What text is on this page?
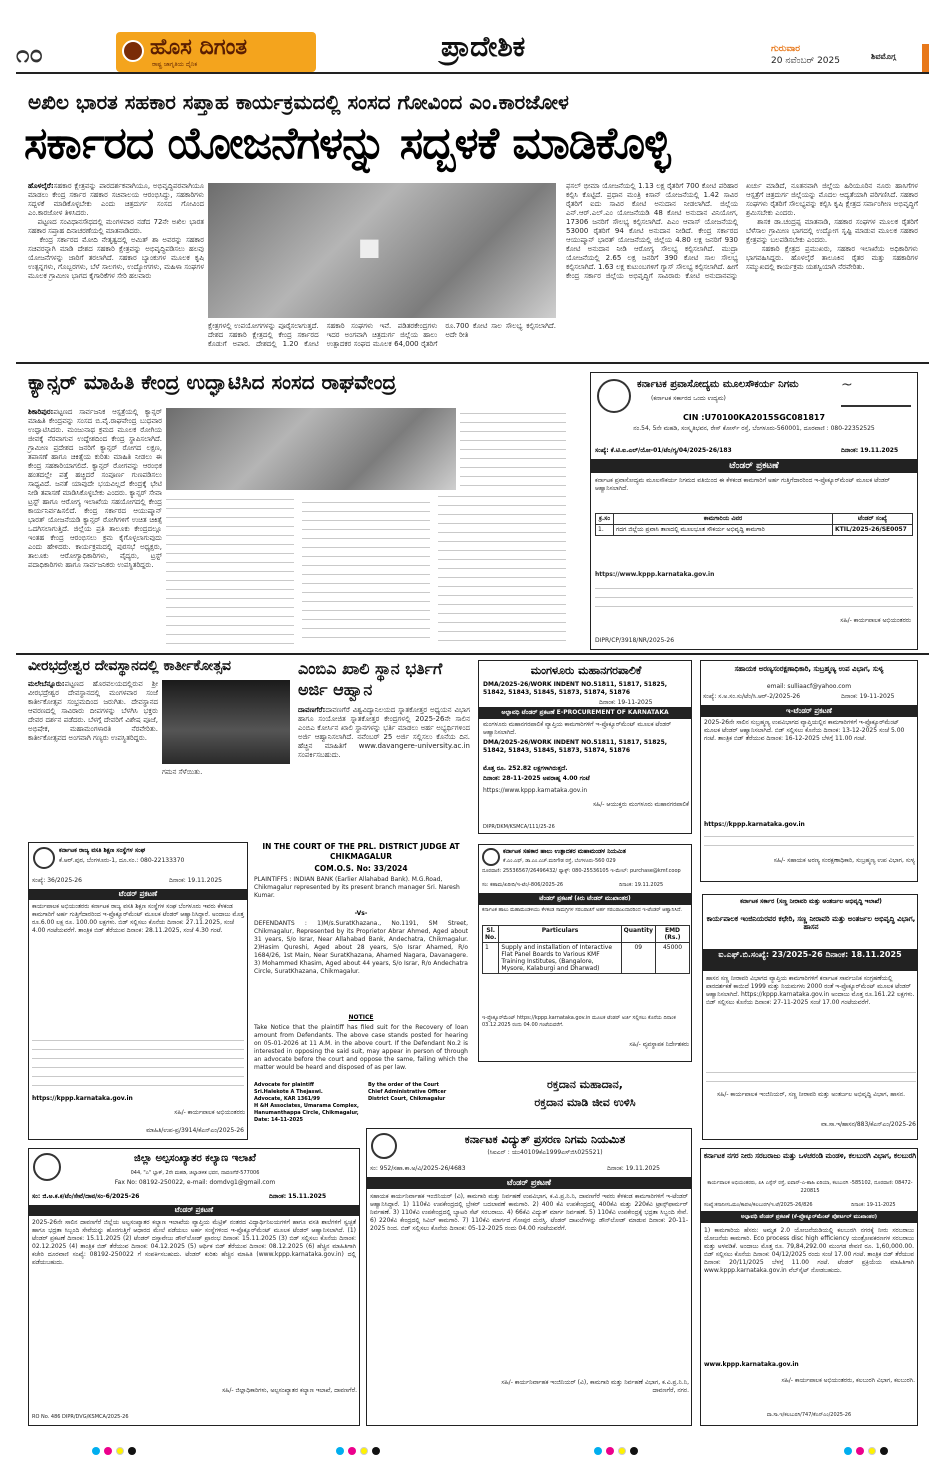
೧೦	ಹೊಸ ದಿಗಂತ
ರಾಷ್ಟ್ರ ಜಾಗೃತಿಯ ದೈನಿಕ
ಪ್ರಾದೇಶಿಕ	ಗುರುವಾರ
20 ನವೆಂಬರ್ 2025	ಶಿವಮೊಗ್ಗ
ಅಖಿಲ ಭಾರತ ಸಹಕಾರ ಸಪ್ತಾಹ ಕಾರ್ಯಕ್ರಮದಲ್ಲಿ ಸಂಸದ ಗೋವಿಂದ ಎಂ.ಕಾರಜೋಳ
ಸರ್ಕಾರದ ಯೋಜನೆಗಳನ್ನು ಸದ್ಬಳಕೆ ಮಾಡಿಕೊಳ್ಳಿ
ಹೊಳಲ್ಕೆರೆ:ಸಹಕಾರ ಕ್ಷೇತ್ರವನ್ನು ಪಾರದರ್ಶಕವಾಗಿಯೂ, ಅಭಿವೃದ್ಧಿಪರವಾಗಿಯೂ ಮಾಡಲು ಕೇಂದ್ರ ಸರ್ಕಾರ ಸಹಕಾರ ಸಚಿವಾಲಯ ಆರಂಭಿಸಿದ್ದು, ಸಹಕಾರಿಗಳು ಸದ್ಬಳಕೆ ಮಾಡಿಕೊಳ್ಳಬೇಕು ಎಂದು ಚಿತ್ರದುರ್ಗ ಸಂಸದ ಗೋವಿಂದ ಎಂ.ಕಾರಜೋಳ ತಿಳಿಸಿದರು.
ಪಟ್ಟಣದ ಸಂವಿಧಾನಸೌಧದಲ್ಲಿ ಮಂಗಳವಾರ ನಡೆದ 72ನೇ ಅಖಿಲ ಭಾರತ ಸಹಕಾರ ಸಪ್ತಾಹ ದಿನಾಚರಣೆಯಲ್ಲಿ ಮಾತನಾಡಿದರು.
ಕೇಂದ್ರ ಸರ್ಕಾರದ ಮೋದಿ ನೇತೃತ್ವದಲ್ಲಿ ಅಮಿತ್ ಶಾ ಅವರನ್ನು ಸಹಕಾರ ಸಚಿವರನ್ನಾಗಿ ಮಾಡಿ ದೇಶದ ಸಹಕಾರಿ ಕ್ಷೇತ್ರವನ್ನು ಅಭಿವೃದ್ಧಿಪಡಿಸಲು ಹಲವು ಯೋಜನೆಗಳನ್ನು ಜಾರಿಗೆ ತರಲಾಗಿದೆ. ಸಹಕಾರ ಬ್ಯಾಂಕುಗಳ ಮೂಲಕ ಕೃಷಿ ಉತ್ಪನ್ನಗಳು, ಗೊಬ್ಬರಗಳು, ಬೆಳೆ ಸಾಲಗಳು, ಉದ್ಯೋಗಗಳು, ಮಹಿಳಾ ಸಂಘಗಳ ಮೂಲಕ ಗ್ರಾಮೀಣ ಭಾಗದ ಕೈಗಾರಿಕೆಗಳ ಸೇರಿ ಹಲವಾರು
■
ಕ್ಷೇತ್ರಗಳಲ್ಲಿ ಉಪಯೋಗಗಳನ್ನು ಪೂರೈಸಲಾಗುತ್ತದೆ. ದೇಶದ ಸಹಕಾರಿ ಕ್ಷೇತ್ರದಲ್ಲಿ ಕೇಂದ್ರ ಸರ್ಕಾರದ ಕೊಡುಗೆ ಅಪಾರ. ದೇಶದಲ್ಲಿ 1.20 ಕೋಟಿ ಸಹಕಾರಿ ಸಂಘಗಳು ಇವೆ. ಪಡಿತರಕೇಂದ್ರಗಳು ಇದರ ಅಂಗವಾಗಿ ಚಿತ್ರದುರ್ಗ ಜಿಲ್ಲೆಯ ಹಾಲು ಉತ್ಪಾದಕರ ಸಂಘದ ಮೂಲಕ 64,000 ರೈತರಿಗೆ ರೂ.700 ಕೋಟಿ ಸಾಲ ಸೌಲಭ್ಯ ಕಲ್ಪಿಸಲಾಗಿದೆ. ಅದೇ ರೀತಿ
ಫಸಲ್ ಭೀಮಾ ಯೋಜನೆಯಲ್ಲಿ 1.13 ಲಕ್ಷ ರೈತರಿಗೆ 700 ಕೋಟಿ ಪರಿಹಾರ ಕಲ್ಪಿಸಿ ಕೊಟ್ಟಿದೆ. ಪ್ರಧಾನ ಮಂತ್ರಿ ಕಿಸಾನ್ ಯೋಜನೆಯಲ್ಲಿ 1.42 ಸಾವಿರ ರೈತರಿಗೆ ಐದು ಸಾವಿರ ಕೋಟಿ ಅನುದಾನ ನೀಡಲಾಗಿದೆ. ಜಿಲ್ಲೆಯ ಎನ್.ಆರ್.ಎಲ್.ಎಂ ಯೋಜನೆಯಡಿ 48 ಕೋಟಿ ಅನುದಾನ ವಿನಿಯೋಗ, 17306 ಜನರಿಗೆ ಸೌಲಭ್ಯ ಕಲ್ಪಿಸಲಾಗಿದೆ. ಪಿಎಂ ಆವಾಸ್ ಯೋಜನೆಯಲ್ಲಿ 53000 ರೈತರಿಗೆ 94 ಕೋಟಿ ಅನುದಾನ ನೀಡಿದೆ. ಕೇಂದ್ರ ಸರ್ಕಾರದ ಆಯುಷ್ಮಾನ್ ಭಾರತ್ ಯೋಜನೆಯಲ್ಲಿ ಜಿಲ್ಲೆಯ 4.80 ಲಕ್ಷ ಜನರಿಗೆ 930 ಕೋಟಿ ಅನುದಾನ ನೀಡಿ ಆರೋಗ್ಯ ಸೌಲಭ್ಯ ಕಲ್ಪಿಸಲಾಗಿದೆ. ಮುದ್ರಾ ಯೋಜನೆಯಲ್ಲಿ 2.65 ಲಕ್ಷ ಜನರಿಗೆ 390 ಕೋಟಿ ಸಾಲ ಸೌಲಭ್ಯ ಕಲ್ಪಿಸಲಾಗಿದೆ. 1.63 ಲಕ್ಷ ಕುಟುಂಬಗಳಿಗೆ ಗ್ಯಾಸ್ ಸೌಲಭ್ಯ ಕಲ್ಪಿಸಲಾಗಿದೆ. ಹೀಗೆ ಕೇಂದ್ರ ಸರ್ಕಾರ ಜಿಲ್ಲೆಯ ಅಭಿವೃದ್ಧಿಗೆ ಸಾವಿರಾರು ಕೋಟಿ ಅನುದಾನವನ್ನು ಖರ್ಚು ಮಾಡಿದೆ, ನೂತನವಾಗಿ ಜಿಲ್ಲೆಯ ಹಿರಿಯೂರಿನ ನೂರು ಹಾಸಿಗೆಗಳ ಆಸ್ಪತ್ರೆಗೆ ಚಿತ್ರದುರ್ಗ ಜಿಲ್ಲೆಯನ್ನು ಮೊದಲ ಆದ್ಯತೆಯಾಗಿ ಪರಿಗಣಿಸಿದೆ. ಸಹಕಾರ ಸಂಘಗಳು ರೈತರಿಗೆ ಸೌಲಭ್ಯವನ್ನು ಕಲ್ಪಿಸಿ ಕೃಷಿ ಕ್ಷೇತ್ರದ ಸರ್ವಾಂಗೀಣ ಅಭಿವೃದ್ಧಿಗೆ ಶ್ರಮಿಸಬೇಕು ಎಂದರು.
ಶಾಸಕ ಡಾ.ಚಂದ್ರಪ್ಪ ಮಾತನಾಡಿ, ಸಹಕಾರ ಸಂಘಗಳ ಮೂಲಕ ರೈತರಿಗೆ ಬೆಳೆಸಾಲ ಗ್ರಾಮೀಣ ಭಾಗದಲ್ಲಿ ಉದ್ಯೋಗ ಸೃಷ್ಟಿ ಮಾಡುವ ಮೂಲಕ ಸಹಕಾರ ಕ್ಷೇತ್ರವನ್ನು ಬಲಪಡಿಸಬೇಕು ಎಂದರು.
ಸಹಕಾರಿ ಕ್ಷೇತ್ರದ ಪ್ರಮುಖರು, ಸಹಕಾರ ಇಲಾಖೆಯ ಅಧಿಕಾರಿಗಳು ಭಾಗವಹಿಸಿದ್ದರು. ಹೊಳಲ್ಕೆರೆ ತಾಲೂಕಿನ ರೈತರ ಮತ್ತು ಸಹಕಾರಿಗಳ ಸಮ್ಮುಖದಲ್ಲಿ ಕಾರ್ಯಕ್ರಮ ಯಶಸ್ವಿಯಾಗಿ ನೆರವೇರಿತು.
ಕ್ಯಾನ್ಸರ್ ಮಾಹಿತಿ ಕೇಂದ್ರ ಉದ್ಘಾಟಿಸಿದ ಸಂಸದ ರಾಘವೇಂದ್ರ
ಶಿಕಾರಿಪುರ:ಪಟ್ಟಣದ ಸಾರ್ವಜನಿಕ ಆಸ್ಪತ್ರೆಯಲ್ಲಿ ಕ್ಯಾನ್ಸರ್ ಮಾಹಿತಿ ಕೇಂದ್ರವನ್ನು ಸಂಸದ ಬಿ.ವೈ.ರಾಘವೇಂದ್ರ ಬುಧವಾರ ಉದ್ಘಾಟಿಸಿದರು. ಮಂಜುನಾಥ ಕ್ರಮದ ಮೂಲಕ ರೋಗಿಯ ಜೀವಕ್ಕೆ ನೆರವಾಗುವ ಉದ್ದೇಶದಿಂದ ಕೇಂದ್ರ ಸ್ಥಾಪಿಸಲಾಗಿದೆ. ಗ್ರಾಮೀಣ ಪ್ರದೇಶದ ಜನರಿಗೆ ಕ್ಯಾನ್ಸರ್ ರೋಗದ ಲಕ್ಷಣ, ತಪಾಸಣೆ ಹಾಗೂ ಚಿಕಿತ್ಸೆಯ ಕುರಿತು ಮಾಹಿತಿ ನೀಡಲು ಈ ಕೇಂದ್ರ ಸಹಕಾರಿಯಾಗಲಿದೆ. ಕ್ಯಾನ್ಸರ್ ರೋಗವನ್ನು ಆರಂಭಿಕ ಹಂತದಲ್ಲೇ ಪತ್ತೆ ಹಚ್ಚಿದರೆ ಸಂಪೂರ್ಣ ಗುಣಪಡಿಸಲು ಸಾಧ್ಯವಿದೆ. ಜನತೆ ಯಾವುದೇ ಭಯವಿಲ್ಲದೆ ಕೇಂದ್ರಕ್ಕೆ ಭೇಟಿ ನೀಡಿ ತಪಾಸಣೆ ಮಾಡಿಸಿಕೊಳ್ಳಬೇಕು ಎಂದರು. ಕ್ಯಾನ್ಸರ್ ಸೇವಾ ಟ್ರಸ್ಟ್ ಹಾಗೂ ಆರೋಗ್ಯ ಇಲಾಖೆಯ ಸಹಯೋಗದಲ್ಲಿ ಕೇಂದ್ರ ಕಾರ್ಯನಿರ್ವಹಿಸಲಿದೆ. ಕೇಂದ್ರ ಸರ್ಕಾರದ ಆಯುಷ್ಮಾನ್ ಭಾರತ್ ಯೋಜನೆಯಡಿ ಕ್ಯಾನ್ಸರ್ ರೋಗಿಗಳಿಗೆ ಉಚಿತ ಚಿಕಿತ್ಸೆ ಒದಗಿಸಲಾಗುತ್ತಿದೆ. ಜಿಲ್ಲೆಯ ಪ್ರತಿ ತಾಲೂಕು ಕೇಂದ್ರದಲ್ಲೂ ಇಂತಹ ಕೇಂದ್ರ ಆರಂಭಿಸಲು ಕ್ರಮ ಕೈಗೊಳ್ಳಲಾಗುವುದು ಎಂದು ಹೇಳಿದರು. ಕಾರ್ಯಕ್ರಮದಲ್ಲಿ ಪುರಸಭೆ ಅಧ್ಯಕ್ಷರು, ತಾಲೂಕು ಆರೋಗ್ಯಾಧಿಕಾರಿಗಳು, ವೈದ್ಯರು, ಟ್ರಸ್ಟ್ ಪದಾಧಿಕಾರಿಗಳು ಹಾಗೂ ಸಾರ್ವಜನಿಕರು ಉಪಸ್ಥಿತರಿದ್ದರು.
ಕರ್ನಾಟಕ ಪ್ರವಾಸೋದ್ಯಮ ಮೂಲಸೌಕರ್ಯ ನಿಗಮ
(ಕರ್ನಾಟಕ ಸರ್ಕಾರದ ಒಂದು ಉದ್ಯಮ)
~
CIN :U70100KA2015SGC081817
ನಂ.54, 5ನೇ ಮಹಡಿ, ಸಂಸ್ಕೃತಿಭವನ, ರೇಸ್ ಕೋರ್ಸ್ ರಸ್ತೆ, ಬೆಂಗಳೂರು-560001, ದೂರವಾಣಿ : 080-22352525
ಸಂಖ್ಯೆ: ಕೆ.ಟಿ.ಐ.ಎಲ್/ಯೋ-01/ಟೆಂ/ಗ್ಯ/04/2025-26/183	ದಿನಾಂಕ: 19.11.2025
ಟೆಂಡರ್ ಪ್ರಕಟಣೆ
ಕರ್ನಾಟಕ ಪ್ರವಾಸೋದ್ಯಮ ಮೂಲಸೌಕರ್ಯ ನಿಗಮದ ವತಿಯಿಂದ ಈ ಕೆಳಕಂಡ ಕಾಮಗಾರಿಗೆ ಅರ್ಹ ಗುತ್ತಿಗೆದಾರರಿಂದ ಇ-ಪ್ರೊಕ್ಯೂರ್‌ಮೆಂಟ್ ಮೂಲಕ ಟೆಂಡರ್ ಆಹ್ವಾನಿಸಲಾಗಿದೆ.
ಕ್ರ.ಸಂ	ಕಾಮಗಾರಿಯ ವಿವರ	ಟೆಂಡರ್ ಸಂಖ್ಯೆ
1.	ಗದಗ ಜಿಲ್ಲೆಯ ಪ್ರವಾಸಿ ತಾಣದಲ್ಲಿ ಮೂಲಭೂತ ಸೌಕರ್ಯ ಅಭಿವೃದ್ಧಿ ಕಾಮಗಾರಿ	KTIL/2025-26/SE0057
https://www.kppp.karnataka.gov.in
ಸಹಿ/- ಕಾರ್ಯಪಾಲಕ ಅಭಿಯಂತರರು
DIPR/CP/3918/NR/2025-26
ವೀರಭದ್ರೇಶ್ವರ ದೇವಸ್ಥಾನದಲ್ಲಿ ಕಾರ್ತೀಕೋತ್ಸವ
ಮಲೇಬೆನ್ನೂರು:ಪಟ್ಟಣದ ಹೊರವಲಯದಲ್ಲಿರುವ ಶ್ರೀ ವೀರಭದ್ರೇಶ್ವರ ದೇವಸ್ಥಾನದಲ್ಲಿ ಮಂಗಳವಾರ ಸಂಜೆ ಕಾರ್ತೀಕೋತ್ಸವ ಸಂಭ್ರಮದಿಂದ ಜರುಗಿತು. ದೇವಸ್ಥಾನದ ಆವರಣದಲ್ಲಿ ಸಾವಿರಾರು ದೀಪಗಳನ್ನು ಬೆಳಗಿಸಿ ಭಕ್ತರು ದೇವರ ದರ್ಶನ ಪಡೆದರು. ಬೆಳಗ್ಗೆ ದೇವರಿಗೆ ವಿಶೇಷ ಪೂಜೆ, ಅಭಿಷೇಕ, ಮಹಾಮಂಗಳಾರತಿ ನೆರವೇರಿತು. ಕಾರ್ತೀಕೋತ್ಸವದ ಅಂಗವಾಗಿ ಗಣ್ಯರು ಉಪಸ್ಥಿತರಿದ್ದರು.
ಗಮನ ಸೆಳೆಯಿತು.
ಎಂಬಿಎ ಖಾಲಿ ಸ್ಥಾನ ಭರ್ತಿಗೆ ಅರ್ಜಿ ಆಹ್ವಾನ
ದಾವಣಗೆರೆ:ದಾವಣಗೆರೆ ವಿಶ್ವವಿದ್ಯಾನಿಲಯದ ಸ್ನಾತಕೋತ್ತರ ಅಧ್ಯಯನ ವಿಭಾಗ ಹಾಗೂ ಸಂಯೋಜಿತ ಸ್ನಾತಕೋತ್ತರ ಕೇಂದ್ರಗಳಲ್ಲಿ 2025-26ನೇ ಸಾಲಿನ ಎಂಬಿಎ ಕೋರ್ಸಿನ ಖಾಲಿ ಸ್ಥಾನಗಳನ್ನು ಭರ್ತಿ ಮಾಡಲು ಅರ್ಹ ಅಭ್ಯರ್ಥಿಗಳಿಂದ ಅರ್ಜಿ ಆಹ್ವಾನಿಸಲಾಗಿದೆ. ನವೆಂಬರ್ 25 ಅರ್ಜಿ ಸಲ್ಲಿಸಲು ಕೊನೆಯ ದಿನ. ಹೆಚ್ಚಿನ ಮಾಹಿತಿಗೆ www.davangere-university.ac.in ಸಂಪರ್ಕಿಸಬಹುದು.
ಮಂಗಳೂರು ಮಹಾನಗರಪಾಲಿಕೆ
DMA/2025-26/WORK INDENT NO.51811, 51817, 51825, 51842, 51843, 51845, 51873, 51874, 51876
ದಿನಾಂಕ: 19-11-2025
ಅಲ್ಪಾವಧಿ ಟೆಂಡರ್ ಪ್ರಕಟಣೆ E-PROCUREMENT OF KARNATAKA
ಮಂಗಳೂರು ಮಹಾನಗರಪಾಲಿಕೆ ವ್ಯಾಪ್ತಿಯ ಕಾಮಗಾರಿಗಳಿಗೆ ಇ-ಪ್ರೊಕ್ಯೂರ್‌ಮೆಂಟ್ ಮೂಲಕ ಟೆಂಡರ್ ಆಹ್ವಾನಿಸಲಾಗಿದೆ.
DMA/2025-26/WORK INDENT NO.51811, 51817, 51825, 51842, 51843, 51845, 51873, 51874, 51876
ಮೊತ್ತ ರೂ. 252.82 ಲಕ್ಷಗಳಾಗಿರುತ್ತದೆ.
ದಿನಾಂಕ: 28-11-2025 ಅಪರಾಹ್ನ 4.00 ಗಂಟೆ
https://www.kppp.karnataka.gov.in
ಸಹಿ/- ಆಯುಕ್ತರು ಮಂಗಳೂರು ಮಹಾನಗರಪಾಲಿಕೆ
DIPR/DKM/KSMCA/111/25-26
ಸಹಾಯಕ ಅರಣ್ಯಸಂರಕ್ಷಣಾಧಿಕಾರಿ, ಸುಬ್ರಹ್ಮಣ್ಯ ಉಪ ವಿಭಾಗ, ಸುಳ್ಯ
email: sulliaacf@yahoo.com
ಸಂಖ್ಯೆ: ಸ.ಅ.ಸಂ.ಸು/ಟೆಂ/ಸಿ.ಆರ್-2/2025-26	ದಿನಾಂಕ: 19-11-2025
ಇ-ಟೆಂಡರ್ ಪ್ರಕಟಣೆ
2025-26ನೇ ಸಾಲಿನ ಸುಬ್ರಹ್ಮಣ್ಯ ಉಪವಿಭಾಗದ ವ್ಯಾಪ್ತಿಯಲ್ಲಿನ ಕಾಮಗಾರಿಗಳಿಗೆ ಇ-ಪ್ರೊಕ್ಯೂರ್‌ಮೆಂಟ್ ಮೂಲಕ ಟೆಂಡರ್ ಆಹ್ವಾನಿಸಲಾಗಿದೆ. ಬಿಡ್ ಸಲ್ಲಿಸಲು ಕೊನೆಯ ದಿನಾಂಕ: 13-12-2025 ಸಂಜೆ 5.00 ಗಂಟೆ. ತಾಂತ್ರಿಕ ಬಿಡ್ ತೆರೆಯುವ ದಿನಾಂಕ: 16-12-2025 ಬೆಳಗ್ಗೆ 11.00 ಗಂಟೆ.
https://kppp.karnataka.gov.in
ಸಹಿ/- ಸಹಾಯಕ ಅರಣ್ಯ ಸಂರಕ್ಷಣಾಧಿಕಾರಿ, ಸುಬ್ರಹ್ಮಣ್ಯ ಉಪ ವಿಭಾಗ, ಸುಳ್ಯ
ಕರ್ನಾಟಕ ರಾಜ್ಯ ವಸತಿ ಶಿಕ್ಷಣ ಸಂಸ್ಥೆಗಳ ಸಂಘ
ಕೆ.ಆರ್.ಪುರ, ಬೆಂಗಳೂರು-1, ದೂ.ಸಂ.: 080-22133370
ಸಂಖ್ಯೆ: 36/2025-26	ದಿನಾಂಕ: 19.11.2025
ಟೆಂಡರ್ ಪ್ರಕಟಣೆ
ಕಾರ್ಯಪಾಲಕ ಅಭಿಯಂತರರು ಕರ್ನಾಟಕ ರಾಜ್ಯ ವಸತಿ ಶಿಕ್ಷಣ ಸಂಸ್ಥೆಗಳ ಸಂಘ ಬೆಂಗಳೂರು ಇವರು ಕೆಳಕಂಡ ಕಾಮಗಾರಿಗೆ ಅರ್ಹ ಗುತ್ತಿಗೆದಾರರಿಂದ ಇ-ಪ್ರೊಕ್ಯೂರ್‌ಮೆಂಟ್ ಮೂಲಕ ಟೆಂಡರ್ ಆಹ್ವಾನಿಸಿದ್ದಾರೆ. ಅಂದಾಜು ಮೊತ್ತ ರೂ.6.00 ಲಕ್ಷ ರೂ. 100.00 ಲಕ್ಷಗಳು. ಬಿಡ್ ಸಲ್ಲಿಸಲು ಕೊನೆಯ ದಿನಾಂಕ: 27.11.2025, ಸಂಜೆ 4.00 ಗಂಟೆಯವರೆಗೆ. ತಾಂತ್ರಿಕ ಬಿಡ್ ತೆರೆಯುವ ದಿನಾಂಕ: 28.11.2025, ಸಂಜೆ 4.30 ಗಂಟೆ.
https://kppp.karnataka.gov.in
ಸಹಿ/- ಕಾರ್ಯಪಾಲಕ ಅಭಿಯಂತರರು
ಮಾಹಿತಿ/ಉಪ-ಪ್ರ/3914/ಕೆಎನ್‌ಎಂ/2025-26
IN THE COURT OF THE PRL. DISTRICT JUDGE AT CHIKMAGALUR
COM.O.S. No: 33/2024
PLAINTIFFS : INDIAN BANK (Earlier Allahabad Bank). M.G.Road, Chikmagalur represented by its present branch manager Sri. Naresh Kumar.
-Vs-
DEFENDANTS : 1)M/s.SuratKhazana., No.1191, SM Street, Chikmagalur, Represented by its Proprietor Abrar Ahmed, Aged about 31 years, S/o Israr, Near Allahabad Bank, Andechatra, Chikmagalur. 2)Hasim Qureshi, Aged about 28 years, S/o Israr Ahamed, R/o 1684/26, 1st Main, Near SuratKhazana, Ahamed Nagara, Davanagere. 3) Mohammed Khasim, Aged about 44 years, S/o Israr, R/o Andechatra Circle, SuratKhazana, Chikmagalur.
NOTICE
Take Notice that the plaintiff has filed suit for the Recovery of loan amount from Defendants. The above case stands posted for hearing on 05-01-2026 at 11 A.M. in the above court. If the Defendant No.2 is interested in opposing the said suit, may appear in person of through an advocate before the court and oppose the same, failing which the matter would be heard and disposed of as per law.
Advocate for plaintiff
Sri.Halekote A Thejaswi.
Advocate, KAR 1361/99
H &H Associates, Umarama Complex, Hanumanthappa Circle, Chikmagalur, Date: 14-11-2025
By the order of the Court
Chief Administrative Officer
District Court, Chikmagalur
ಕರ್ನಾಟಕ ಸಹಕಾರ ಹಾಲು ಉತ್ಪಾದಕರ ಮಹಾಮಂಡಳ ನಿಯಮಿತ
ಕೆ.ಎಂ.ಎಫ್, ಡಾ.ಎಂ.ಎಚ್.ಮರಿಗೌಡ ರಸ್ತೆ, ಬೆಂಗಳೂರು-560 029
ದೂರವಾಣಿ: 25536567/26496432/ ಫ್ಯಾಕ್ಸ್: 080-25536105 ಇ-ಮೇಲ್: purchase@kmf.coop
ಸಂ: ಕಹಾಮ/ಖರೀದಿ/ಇ-ಟೆಂ/-806/2025-26	ದಿನಾಂಕ: 19.11.2025
ಟೆಂಡರ್ ಪ್ರಕಟಣೆ (ಕಿರು ಟೆಂಡರ್ ಮುಖಾಂತರ)
ಕರ್ನಾಟಕ ಹಾಲು ಮಹಾಮಂಡಳಿಯು ಕೆಳಕಂಡ ಸಾಮಗ್ರಿಗಳ ಸರಬರಾಜಿಗೆ ಅರ್ಹ ಸರಬರಾಜುದಾರರಿಂದ ಇ-ಟೆಂಡರ್ ಆಹ್ವಾನಿಸಿದೆ.
Sl. No.	Particulars	Quantity	EMD (Rs.)
1	Supply and installation of Interactive Flat Panel Boards to Various KMF Training Institutes, (Bangalore, Mysore, Kalaburgi and Dharwad)	09	45000
ಇ-ಪ್ರೊಕ್ಯೂರ್‌ಮೆಂಟ್ https://kppp.karnataka.gov.in ಮೂಲಕ ಟೆಂಡರ್ ಅರ್ಜಿ ಸಲ್ಲಿಸಲು ಕೊನೆಯ ದಿನಾಂಕ 03.12.2025 ರಂದು 04.00 ಗಂಟೆಯವರೆಗೆ.
ಸಹಿ/- ವ್ಯವಸ್ಥಾಪಕ ನಿರ್ದೇಶಕರು
ರಕ್ತದಾನ ಮಹಾದಾನ,
ರಕ್ತದಾನ ಮಾಡಿ ಜೀವ ಉಳಿಸಿ
ಕರ್ನಾಟಕ ಸರ್ಕಾರ (ಸಣ್ಣ ನೀರಾವರಿ ಮತ್ತು ಅಂತರ್ಜಲ ಅಭಿವೃದ್ಧಿ ಇಲಾಖೆ)
ಕಾರ್ಯಪಾಲಕ ಇಂಜಿನಿಯರವರ ಕಛೇರಿ, ಸಣ್ಣ ನೀರಾವರಿ ಮತ್ತು ಅಂತರ್ಜಲ ಅಭಿವೃದ್ಧಿ ವಿಭಾಗ, ಹಾಸನ
ಐ.ಎಫ್.ಬಿ.ಸಂಖ್ಯೆ: 23/2025-26 ದಿನಾಂಕ: 18.11.2025
ಹಾಸನ ಸಣ್ಣ ನೀರಾವರಿ ವಿಭಾಗದ ವ್ಯಾಪ್ತಿಯ ಕಾಮಗಾರಿಗಳಿಗೆ ಕರ್ನಾಟಕ ಸಾರ್ವಜನಿಕ ಸಂಗ್ರಹಣೆಯಲ್ಲಿ ಪಾರದರ್ಶಕತೆ ಕಾಯಿದೆ 1999 ಮತ್ತು ನಿಯಮಗಳು 2000 ರಂತೆ ಇ-ಪ್ರೊಕ್ಯೂರ್‌ಮೆಂಟ್ ಮೂಲಕ ಟೆಂಡರ್ ಆಹ್ವಾನಿಸಲಾಗಿದೆ. https://kppp.karnataka.gov.in ಅಂದಾಜು ಮೊತ್ತ ರೂ.161.22 ಲಕ್ಷಗಳು. ಬಿಡ್ ಸಲ್ಲಿಸಲು ಕೊನೆಯ ದಿನಾಂಕ: 27-11-2025 ಸಂಜೆ 17.00 ಗಂಟೆಯವರೆಗೆ.
ಸಹಿ/- ಕಾರ್ಯಪಾಲಕ ಇಂಜಿನಿಯರ್, ಸಣ್ಣ ನೀರಾವರಿ ಮತ್ತು ಅಂತರ್ಜಲ ಅಭಿವೃದ್ಧಿ ವಿಭಾಗ, ಹಾಸನ.
ವಾ.ಸಾ.ಇ/ಹಾಸನ/883/ಕೆಎನ್‌ಎಂ/2025-26
ಜಿಲ್ಲಾ ಅಲ್ಪಸಂಖ್ಯಾತರ ಕಲ್ಯಾಣ ಇಲಾಖೆ
044, "ಎ" ಬ್ಲಾಕ್, 2ನೇ ಮಹಡಿ, ಜಿಲ್ಲಾಡಳಿತ ಭವನ, ದಾವಣಗೆರೆ-577006
Fax No: 08192-250022, e-mail: domdvg1@gmail.com
ಸಂ: ಜಿ.ಅ.ಕ.ಕ/ಟೆಂ/ಸೇವೆ/ದಾವ/ಸಂ-6/2025-26	ದಿನಾಂಕ: 15.11.2025
ಟೆಂಡರ್ ಪ್ರಕಟಣೆ
2025-26ನೇ ಸಾಲಿನ ದಾವಣಗೆರೆ ಜಿಲ್ಲೆಯ ಅಲ್ಪಸಂಖ್ಯಾತರ ಕಲ್ಯಾಣ ಇಲಾಖೆಯ ವ್ಯಾಪ್ತಿಯ ಮೆಟ್ರಿಕ್ ನಂತರದ ವಿದ್ಯಾರ್ಥಿನಿಲಯಗಳಿಗೆ ಹಾಗೂ ವಸತಿ ಶಾಲೆಗಳಿಗೆ ಸ್ವಚ್ಛತೆ ಹಾಗೂ ಭದ್ರತಾ ಸಿಬ್ಬಂದಿ ಸೇವೆಯನ್ನು ಹೊರಗುತ್ತಿಗೆ ಆಧಾರದ ಮೇಲೆ ಪಡೆಯಲು ಅರ್ಹ ಸಂಸ್ಥೆಗಳಿಂದ ಇ-ಪ್ರೊಕ್ಯೂರ್‌ಮೆಂಟ್ ಮೂಲಕ ಟೆಂಡರ್ ಆಹ್ವಾನಿಸಲಾಗಿದೆ. (1) ಟೆಂಡರ್ ಪ್ರಕಟಣೆ ದಿನಾಂಕ: 15.11.2025 (2) ಟೆಂಡರ್ ದಸ್ತಾವೇಜು ಡೌನ್‌ಲೋಡ್ ಪ್ರಾರಂಭ ದಿನಾಂಕ: 15.11.2025 (3) ಬಿಡ್ ಸಲ್ಲಿಸಲು ಕೊನೆಯ ದಿನಾಂಕ: 02.12.2025 (4) ತಾಂತ್ರಿಕ ಬಿಡ್ ತೆರೆಯುವ ದಿನಾಂಕ: 04.12.2025 (5) ಆರ್ಥಿಕ ಬಿಡ್ ತೆರೆಯುವ ದಿನಾಂಕ: 08.12.2025 (6) ಹೆಚ್ಚಿನ ಮಾಹಿತಿಗಾಗಿ ಕಚೇರಿ ದೂರವಾಣಿ ಸಂಖ್ಯೆ: 08192-250022 ಗೆ ಸಂಪರ್ಕಿಸಬಹುದು. ಟೆಂಡರ್ ಕುರಿತು ಹೆಚ್ಚಿನ ಮಾಹಿತಿ (www.kppp.karnataka.gov.in) ದಲ್ಲಿ ಪಡೆಯಬಹುದು.
ಸಹಿ/- ಜಿಲ್ಲಾಧಿಕಾರಿಗಳು, ಅಲ್ಪಸಂಖ್ಯಾತರ ಕಲ್ಯಾಣ ಇಲಾಖೆ, ದಾವಣಗೆರೆ.
RO No. 486 DIPR/DVG/KSMCA/2025-26
ಕರ್ನಾಟಕ ವಿದ್ಯುತ್ ಪ್ರಸರಣ ನಿಗಮ ನಿಯಮಿತ
(ಸಿಐಎನ್ : ಯು40109ಕೆಎ1999ಎಸ್‌ಜಿಸಿ025521)
ಸಂ: 952/ಸಹಾ.ಕಾ.ಅ/ವಿ/2025-26/4683	ದಿನಾಂಕ: 19.11.2025
ಟೆಂಡರ್ ಪ್ರಕಟಣೆ
ಸಹಾಯಕ ಕಾರ್ಯನಿರ್ವಾಹಕ ಇಂಜಿನಿಯರ್ (ವಿ), ಕಾಮಗಾರಿ ಮತ್ತು ನಿರ್ವಹಣೆ ಉಪವಿಭಾಗ, ಕ.ವಿ.ಪ್ರ.ನಿ.ನಿ, ದಾವಣಗೆರೆ ಇವರು ಕೆಳಕಂಡ ಕಾಮಗಾರಿಗಳಿಗೆ ಇ-ಟೆಂಡರ್ ಆಹ್ವಾನಿಸಿದ್ದಾರೆ. 1) 110ಕೆವಿ ಉಪಕೇಂದ್ರದಲ್ಲಿ ಬ್ರೇಕರ್ ಬದಲಾವಣೆ ಕಾಮಗಾರಿ. 2) 400 ಕೆವಿ ಉಪಕೇಂದ್ರದಲ್ಲಿ 400ಕೆವಿ ಮತ್ತು 220ಕೆವಿ ಟ್ರಾನ್ಸ್‌ಫಾರ್ಮರ್ ನಿರ್ವಹಣೆ. 3) 110ಕೆವಿ ಉಪಕೇಂದ್ರದಲ್ಲಿ ಬ್ಯಾಟರಿ ಸೆಟ್ ಸರಬರಾಜು. 4) 66ಕೆವಿ ವಿದ್ಯುತ್ ಮಾರ್ಗ ನಿರ್ವಹಣೆ. 5) 110ಕೆವಿ ಉಪಕೇಂದ್ರಕ್ಕೆ ಭದ್ರತಾ ಸಿಬ್ಬಂದಿ ಸೇವೆ. 6) 220ಕೆವಿ ಕೇಂದ್ರದಲ್ಲಿ ಸಿವಿಲ್ ಕಾಮಗಾರಿ. 7) 110ಕೆವಿ ಮಾರ್ಗದ ಗೋಪುರ ದುರಸ್ತಿ. ಟೆಂಡರ್ ದಾಖಲೆಗಳನ್ನು ಡೌನ್‌ಲೋಡ್ ಮಾಡುವ ದಿನಾಂಕ: 20-11-2025 ರಿಂದ. ಬಿಡ್ ಸಲ್ಲಿಸಲು ಕೊನೆಯ ದಿನಾಂಕ: 05-12-2025 ರಂದು 04.00 ಗಂಟೆಯವರೆಗೆ.
ಸಹಿ/- ಕಾರ್ಯನಿರ್ವಾಹಕ ಇಂಜಿನಿಯರ್ (ವಿ), ಕಾಮಗಾರಿ ಮತ್ತು ನಿರ್ವಹಣೆ ವಿಭಾಗ, ಕ.ವಿ.ಪ್ರ.ನಿ.ನಿ, ದಾವಣಗೆರೆ, ನಗರ.
ಕರ್ನಾಟಕ ನಗರ ನೀರು ಸರಬರಾಜು ಮತ್ತು ಒಳಚರಂಡಿ ಮಂಡಳಿ, ಕಲಬುರಗಿ ವಿಭಾಗ, ಕಲಬುರಗಿ
ಕಾರ್ಯಪಾಲಕ ಅಭಿಯಂತರರು, ಪಿಸಿ ಎಸ್ಸೆನ್ ರಸ್ತೆ, ಐವಾನ್-ಎ-ಶಾಹಿ ಏರಿಯಾ, ಕಲಬುರಗಿ -585102, ದೂರವಾಣಿ: 08472-220815
ಸಂಖ್ಯೆ:ಕನಾನೀಸಒಮಂ/ಕಾಪಅ/ಕಲಬುರಗಿ/ಇ.ಟೆ/2025-26/826	ದಿನಾಂಕ: 19-11-2025
ಅಲ್ಪಾವಧಿ ಟೆಂಡರ್ ಪ್ರಕಟಣೆ (ಕೆ-ಪ್ರೊಕ್ಯೂರ್‌ಮೆಂಟ್ ಪೋರ್ಟಲ್ ಮುಖಾಂತರ)
1) ಕಾಮಗಾರಿಯ ಹೆಸರು: ಅಮೃತ 2.0 ಯೋಜನೆಯಡಿಯಲ್ಲಿ ಕಲಬುರಗಿ ನಗರಕ್ಕೆ ನೀರು ಸರಬರಾಜು ಯೋಜನೆಯ ಕಾಮಗಾರಿ. Eco process disc high efficiency ಯಂತ್ರೋಪಕರಣಗಳ ಸರಬರಾಜು ಮತ್ತು ಅಳವಡಿಕೆ. ಅಂದಾಜು ಮೊತ್ತ ರೂ. 79,84,292.00 ಮುಂಗಡ ಠೇವಣಿ ರೂ. 1,60,000.00. ಬಿಡ್ ಸಲ್ಲಿಸಲು ಕೊನೆಯ ದಿನಾಂಕ: 04/12/2025 ರಂದು ಸಂಜೆ 17.00 ಗಂಟೆ. ತಾಂತ್ರಿಕ ಬಿಡ್ ತೆರೆಯುವ ದಿನಾಂಕ: 20/11/2025 ಬೆಳಗ್ಗೆ 11.00 ಗಂಟೆ. ಟೆಂಡರ್ ಪ್ರಕ್ರಿಯೆಯ ಮಾಹಿತಿಗಾಗಿ www.kppp.karnataka.gov.in ವೆಬ್‌ಸೈಟ್ ನೋಡಬಹುದು.
www.kppp.karnataka.gov.in
ಸಹಿ/- ಕಾರ್ಯಪಾಲಕ ಅಭಿಯಂತರರು, ಕಲಬುರಗಿ ವಿಭಾಗ, ಕಲಬುರಗಿ.
ವಾ.ಸಾ.ಇ/ಕಲಬುರಗಿ/747/ಕೆಎನ್‌ಎಂ/2025-26
